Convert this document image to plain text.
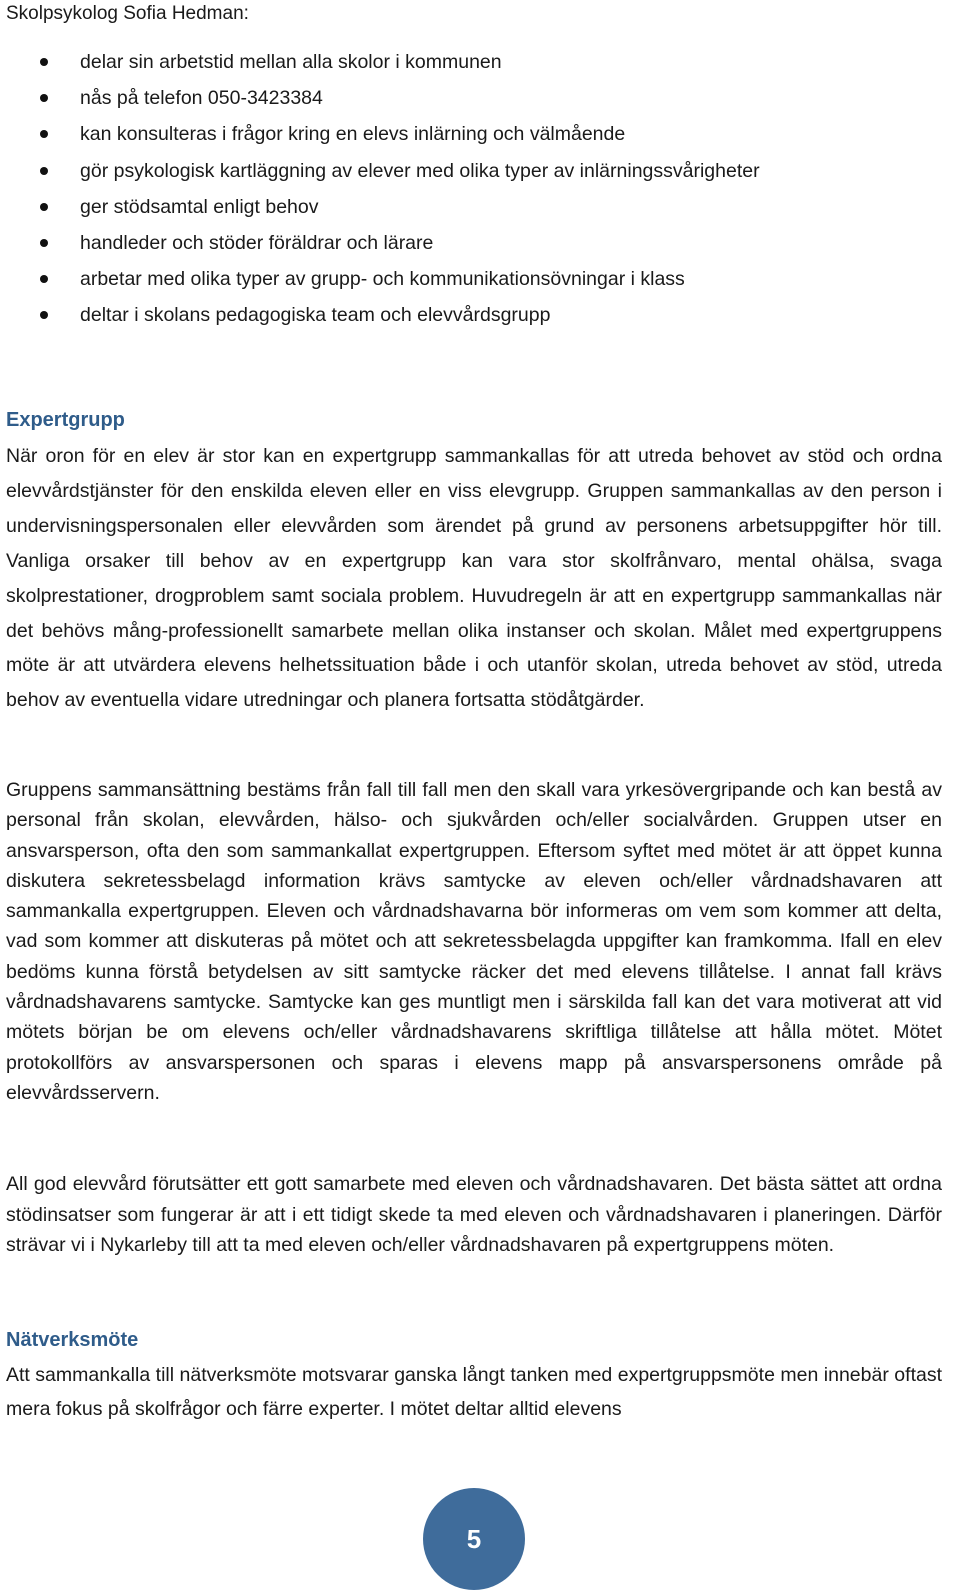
Skolpsykolog Sofia Hedman:

delar sin arbetstid mellan alla skolor i kommunen
nås på telefon 050-3423384
kan konsulteras i frågor kring en elevs inlärning och välmående
gör psykologisk kartläggning av elever med olika typer av inlärningssvårigheter
ger stödsamtal enligt behov
handleder och stöder föräldrar och lärare
arbetar med olika typer av grupp- och kommunikationsövningar i klass
deltar i skolans pedagogiska team och elevvårdsgrupp
Expertgrupp

När oron för en elev är stor kan en expertgrupp sammankallas för att utreda behovet av stöd och ordna elevvårdstjänster för den enskilda eleven eller en viss elevgrupp. Gruppen sammankallas av den person i undervisningspersonalen eller elevvården som ärendet på grund av personens arbetsuppgifter hör till. Vanliga orsaker till behov av en expertgrupp kan vara stor skolfrånvaro, mental ohälsa, svaga skolprestationer, drogproblem samt sociala problem. Huvudregeln är att en expertgrupp sammankallas när det behövs mång-professionellt samarbete mellan olika instanser och skolan. Målet med expertgruppens möte är att utvärdera elevens helhetssituation både i och utanför skolan, utreda behovet av stöd, utreda behov av eventuella vidare utredningar och planera fortsatta stödåtgärder.

Gruppens sammansättning bestäms från fall till fall men den skall vara yrkesövergripande och kan bestå av personal från skolan, elevvården, hälso- och sjukvården och/eller socialvården. Gruppen utser en ansvarsperson, ofta den som sammankallat expertgruppen. Eftersom syftet med mötet är att öppet kunna diskutera sekretessbelagd information krävs samtycke av eleven och/eller vårdnadshavaren att sammankalla expertgruppen. Eleven och vårdnadshavarna bör informeras om vem som kommer att delta, vad som kommer att diskuteras på mötet och att sekretessbelagda uppgifter kan framkomma. Ifall en elev bedöms kunna förstå betydelsen av sitt samtycke räcker det med elevens tillåtelse. I annat fall krävs vårdnadshavarens samtycke. Samtycke kan ges muntligt men i särskilda fall kan det vara motiverat att vid mötets början be om elevens och/eller vårdnadshavarens skriftliga tillåtelse att hålla mötet. Mötet protokollförs av ansvarspersonen och sparas i elevens mapp på ansvarspersonens område på elevvårdsservern.

All god elevvård förutsätter ett gott samarbete med eleven och vårdnadshavaren. Det bästa sättet att ordna stödinsatser som fungerar är att i ett tidigt skede ta med eleven och vårdnadshavaren i planeringen. Därför strävar vi i Nykarleby till att ta med eleven och/eller vårdnadshavaren på expertgruppens möten.

Nätverksmöte

Att sammankalla till nätverksmöte motsvarar ganska långt tanken med expertgruppsmöte men innebär oftast mera fokus på skolfrågor och färre experter. I mötet deltar alltid elevens

5
